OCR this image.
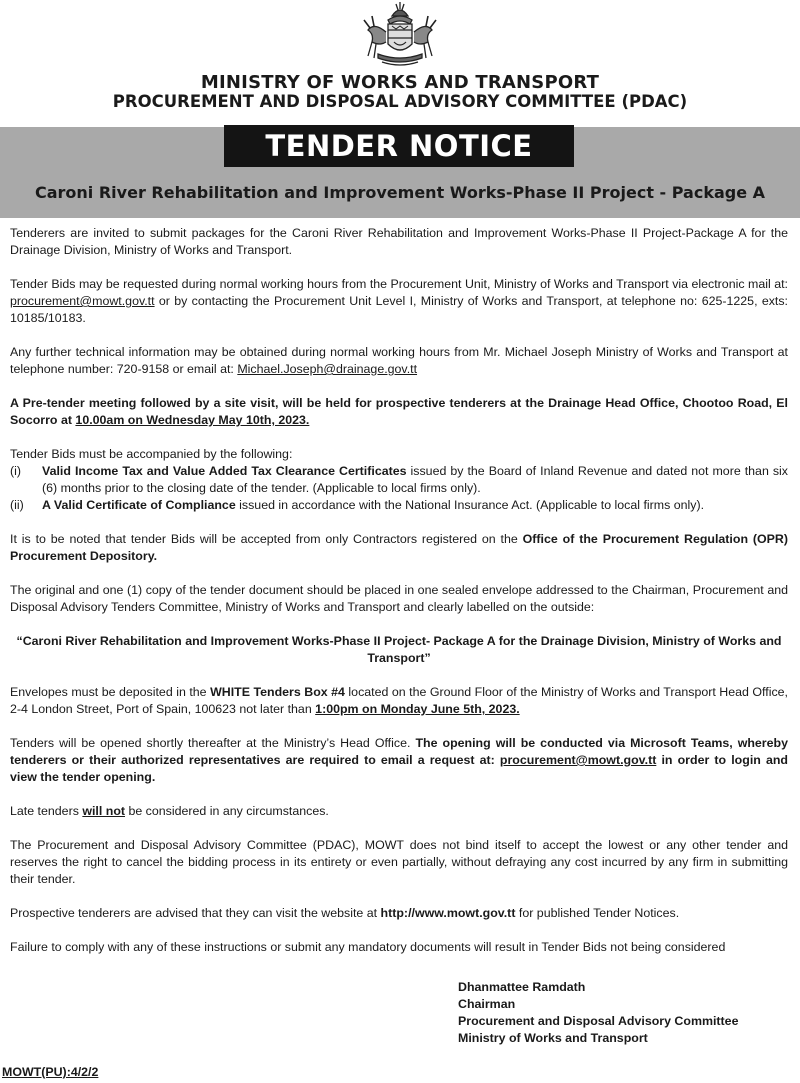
MINISTRY OF WORKS AND TRANSPORT
PROCUREMENT AND DISPOSAL ADVISORY COMMITTEE (PDAC)
TENDER NOTICE
Caroni River Rehabilitation and Improvement Works-Phase II Project - Package A

Tenderers are invited to submit packages for the Caroni River Rehabilitation and Improvement Works-Phase II Project-Package A for the Drainage Division, Ministry of Works and Transport.

Tender Bids may be requested during normal working hours from the Procurement Unit, Ministry of Works and Transport via electronic mail at: procurement@mowt.gov.tt or by contacting the Procurement Unit Level I, Ministry of Works and Transport, at telephone no: 625-1225, exts: 10185/10183.

Any further technical information may be obtained during normal working hours from Mr. Michael Joseph Ministry of Works and Transport at telephone number: 720-9158 or email at: Michael.Joseph@drainage.gov.tt

A Pre-tender meeting followed by a site visit, will be held for prospective tenderers at the Drainage Head Office, Chootoo Road, El Socorro at 10.00am on Wednesday May 10th, 2023.

Tender Bids must be accompanied by the following:
(i)	Valid Income Tax and Value Added Tax Clearance Certificates issued by the Board of Inland Revenue and dated not more than six (6) months prior to the closing date of the tender. (Applicable to local firms only).
(ii)	A Valid Certificate of Compliance issued in accordance with the National Insurance Act. (Applicable to local firms only).

It is to be noted that tender Bids will be accepted from only Contractors registered on the Office of the Procurement Regulation (OPR) Procurement Depository.

The original and one (1) copy of the tender document should be placed in one sealed envelope addressed to the Chairman, Procurement and Disposal Advisory Tenders Committee, Ministry of Works and Transport and clearly labelled on the outside:

“Caroni River Rehabilitation and Improvement Works-Phase II Project- Package A for the Drainage Division, Ministry of Works and Transport”

Envelopes must be deposited in the WHITE Tenders Box #4 located on the Ground Floor of the Ministry of Works and Transport Head Office, 2-4 London Street, Port of Spain, 100623 not later than 1:00pm on Monday June 5th, 2023.

Tenders will be opened shortly thereafter at the Ministry’s Head Office. The opening will be conducted via Microsoft Teams, whereby tenderers or their authorized representatives are required to email a request at: procurement@mowt.gov.tt in order to login and view the tender opening.

Late tenders will not be considered in any circumstances.

The Procurement and Disposal Advisory Committee (PDAC), MOWT does not bind itself to accept the lowest or any other tender and reserves the right to cancel the bidding process in its entirety or even partially, without defraying any cost incurred by any firm in submitting their tender.

Prospective tenderers are advised that they can visit the website at http://www.mowt.gov.tt for published Tender Notices.

Failure to comply with any of these instructions or submit any mandatory documents will result in Tender Bids not being considered

Dhanmattee Ramdath
Chairman
Procurement and Disposal Advisory Committee
Ministry of Works and Transport
MOWT(PU):4/2/2
